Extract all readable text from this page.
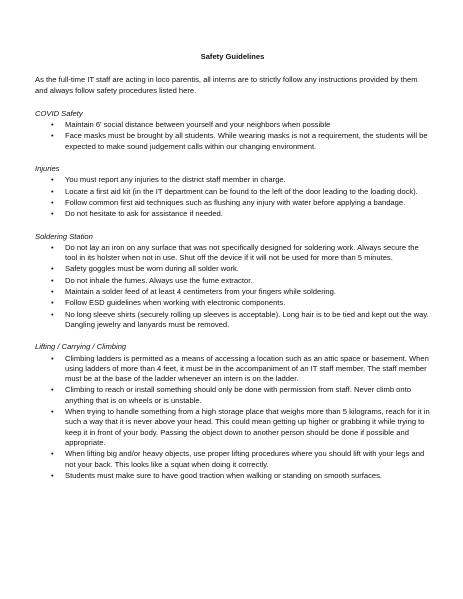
Safety Guidelines
As the full-time IT staff are acting in loco parentis, all interns are to strictly follow any instructions provided by them and always follow safety procedures listed here.
COVID Safety
• Maintain 6' social distance between yourself and your neighbors when possible
• Face masks must be brought by all students. While wearing masks is not a requirement, the students will be expected to make sound judgement calls within our changing environment.
Injuries
• You must report any injuries to the district staff member in charge.
• Locate a first aid kit (in the IT department can be found to the left of the door leading to the loading dock).
• Follow common first aid techniques such as flushing any injury with water before applying a bandage.
• Do not hesitate to ask for assistance if needed.
Soldering Station
• Do not lay an iron on any surface that was not specifically designed for soldering work. Always secure the tool in its holster when not in use. Shut off the device if it will not be used for more than 5 minutes.
• Safety goggles must be worn during all solder work.
• Do not inhale the fumes. Always use the fume extractor.
• Maintain a solder feed of at least 4 centimeters from your fingers while soldering.
• Follow ESD guidelines when working with electronic components.
• No long sleeve shirts (securely rolling up sleeves is acceptable). Long hair is to be tied and kept out the way. Dangling jewelry and lanyards must be removed.
Lifting / Carrying / Climbing
• Climbing ladders is permitted as a means of accessing a location such as an attic space or basement. When using ladders of more than 4 feet, it must be in the accompaniment of an IT staff member. The staff member must be at the base of the ladder whenever an intern is on the ladder.
• Climbing to reach or install something should only be done with permission from staff. Never climb onto anything that is on wheels or is unstable.
• When trying to handle something from a high storage place that weighs more than 5 kilograms, reach for it in such a way that it is never above your head. This could mean getting up higher or grabbing it while trying to keep it in front of your body. Passing the object down to another person should be done if possible and appropriate.
• When lifting big and/or heavy objects, use proper lifting procedures where you should lift with your legs and not your back. This looks like a squat when doing it correctly.
• Students must make sure to have good traction when walking or standing on smooth surfaces.
